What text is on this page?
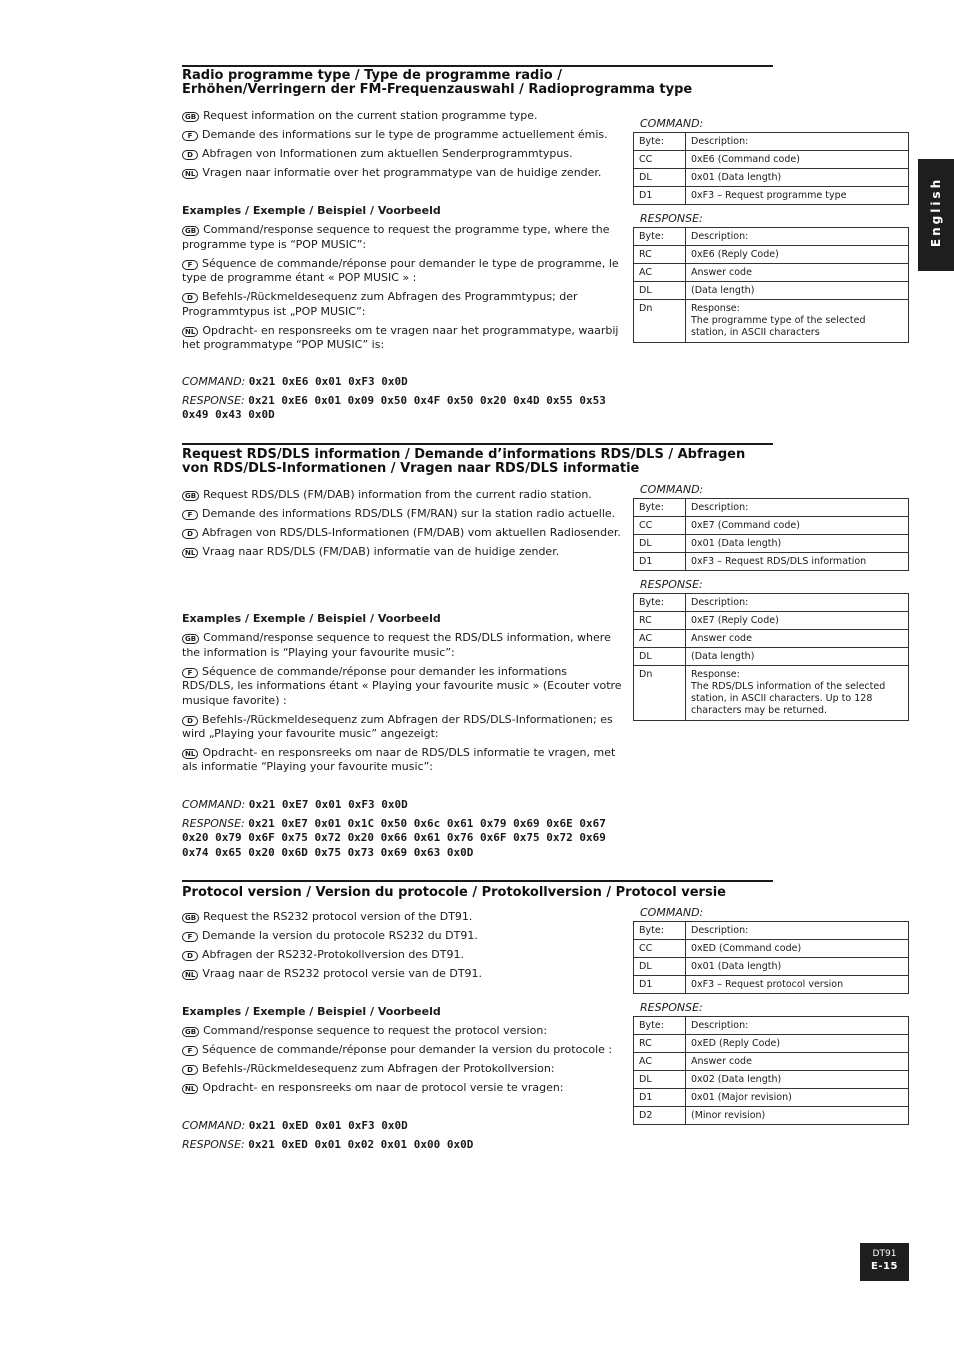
English
Radio programme type / Type de programme radio /
Erhöhen/Verringern der FM-Frequenzauswahl / Radioprogramma type
GB Request information on the current station programme type.
F Demande des informations sur le type de programme actuellement émis.
D Abfragen von Informationen zum aktuellen Senderprogrammtypus.
NL Vragen naar informatie over het programmatype van de huidige zender.
Examples / Exemple / Beispiel / Voorbeeld
GB Command/response sequence to request the programme type, where the programme type is “POP MUSIC”:
F Séquence de commande/réponse pour demander le type de programme, le type de programme étant « POP MUSIC » :
D Befehls-/Rückmeldesequenz zum Abfragen des Programmtypus; der Programmtypus ist „POP MUSIC”:
NL Opdracht- en responsreeks om te vragen naar het programmatype, waarbij het programmatype “POP MUSIC” is:
COMMAND: 0x21 0xE6 0x01 0xF3 0x0D
RESPONSE: 0x21 0xE6 0x01 0x09 0x50 0x4F 0x50 0x20 0x4D 0x55 0x53 0x49 0x43 0x0D
COMMAND:
Byte:	Description:
CC	0xE6 (Command code)
DL	0x01 (Data length)
D1	0xF3 – Request programme type
RESPONSE:
Byte:	Description:
RC	0xE6 (Reply Code)
AC	Answer code
DL	(Data length)
Dn	Response:
The programme type of the selected station, in ASCII characters
Request RDS/DLS information / Demande d’informations RDS/DLS / Abfragen
von RDS/DLS-Informationen / Vragen naar RDS/DLS informatie
GB Request RDS/DLS (FM/DAB) information from the current radio station.
F Demande des informations RDS/DLS (FM/RAN) sur la station radio actuelle.
D Abfragen von RDS/DLS-Informationen (FM/DAB) vom aktuellen Radiosender.
NL Vraag naar RDS/DLS (FM/DAB) informatie van de huidige zender.
Examples / Exemple / Beispiel / Voorbeeld
GB Command/response sequence to request the RDS/DLS information, where the information is “Playing your favourite music”:
F Séquence de commande/réponse pour demander les informations RDS/DLS, les informations étant « Playing your favourite music » (Ecouter votre musique favorite) :
D Befehls-/Rückmeldesequenz zum Abfragen der RDS/DLS-Informationen; es wird „Playing your favourite music” angezeigt:
NL Opdracht- en responsreeks om naar de RDS/DLS informatie te vragen, met als informatie “Playing your favourite music”:
COMMAND: 0x21 0xE7 0x01 0xF3 0x0D
RESPONSE: 0x21 0xE7 0x01 0x1C 0x50 0x6c 0x61 0x79 0x69 0x6E 0x67 0x20 0x79 0x6F 0x75 0x72 0x20 0x66 0x61 0x76 0x6F 0x75 0x72 0x69 0x74 0x65 0x20 0x6D 0x75 0x73 0x69 0x63 0x0D
COMMAND:
Byte:	Description:
CC	0xE7 (Command code)
DL	0x01 (Data length)
D1	0xF3 – Request RDS/DLS information
RESPONSE:
Byte:	Description:
RC	0xE7 (Reply Code)
AC	Answer code
DL	(Data length)
Dn	Response:
The RDS/DLS information of the selected station, in ASCII characters. Up to 128 characters may be returned.
Protocol version / Version du protocole / Protokollversion / Protocol versie
GB Request the RS232 protocol version of the DT91.
F Demande la version du protocole RS232 du DT91.
D Abfragen der RS232-Protokollversion des DT91.
NL Vraag naar de RS232 protocol versie van de DT91.
Examples / Exemple / Beispiel / Voorbeeld
GB Command/response sequence to request the protocol version:
F Séquence de commande/réponse pour demander la version du protocole :
D Befehls-/Rückmeldesequenz zum Abfragen der Protokollversion:
NL Opdracht- en responsreeks om naar de protocol versie te vragen:
COMMAND: 0x21 0xED 0x01 0xF3 0x0D
RESPONSE: 0x21 0xED 0x01 0x02 0x01 0x00 0x0D
COMMAND:
Byte:	Description:
CC	0xED (Command code)
DL	0x01 (Data length)
D1	0xF3 – Request protocol version
RESPONSE:
Byte:	Description:
RC	0xED (Reply Code)
AC	Answer code
DL	0x02 (Data length)
D1	0x01 (Major revision)
D2	(Minor revision)
DT91
E-15
